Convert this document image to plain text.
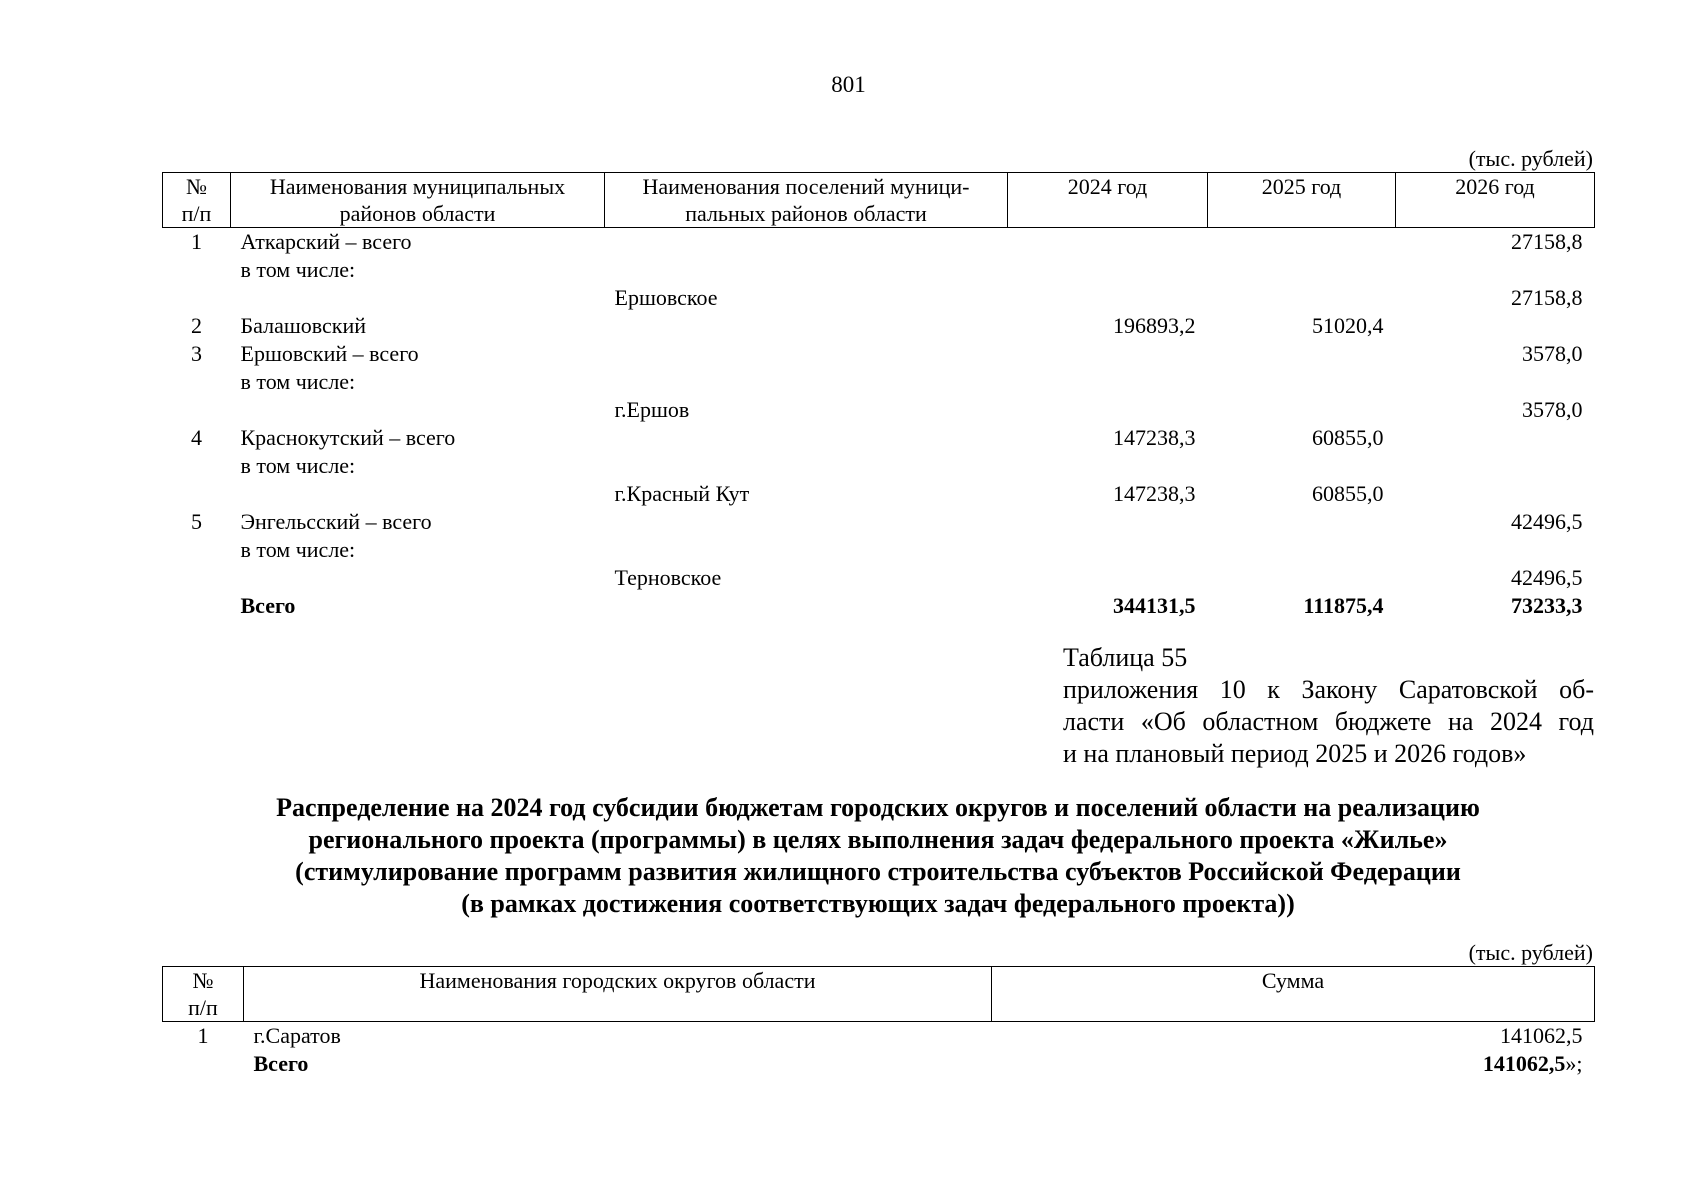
801
(тыс. рублей)
№ п/п	Наименования муниципальных районов области	Наименования поселений муници-пальных районов области	2024 год	2025 год	2026 год
1	Аткарский – всего				27158,8
	в том числе:				
		Ершовское			27158,8
2	Балашовский		196893,2	51020,4	
3	Ершовский – всего				3578,0
	в том числе:				
		г.Ершов			3578,0
4	Краснокутский – всего		147238,3	60855,0	
	в том числе:				
		г.Красный Кут	147238,3	60855,0	
5	Энгельсский – всего				42496,5
	в том числе:				
		Терновское			42496,5
	Всего		344131,5	111875,4	73233,3
Таблица 55
приложения 10 к Закону Саратовской об-
ласти «Об областном бюджете на 2024 год
и на плановый период 2025 и 2026 годов»
Распределение на 2024 год субсидии бюджетам городских округов и поселений области на реализацию
регионального проекта (программы) в целях выполнения задач федерального проекта «Жилье»
(стимулирование программ развития жилищного строительства субъектов Российской Федерации
(в рамках достижения соответствующих задач федерального проекта))
(тыс. рублей)
№ п/п	Наименования городских округов области	Сумма
1	г.Саратов	141062,5
	Всего	141062,5»;
